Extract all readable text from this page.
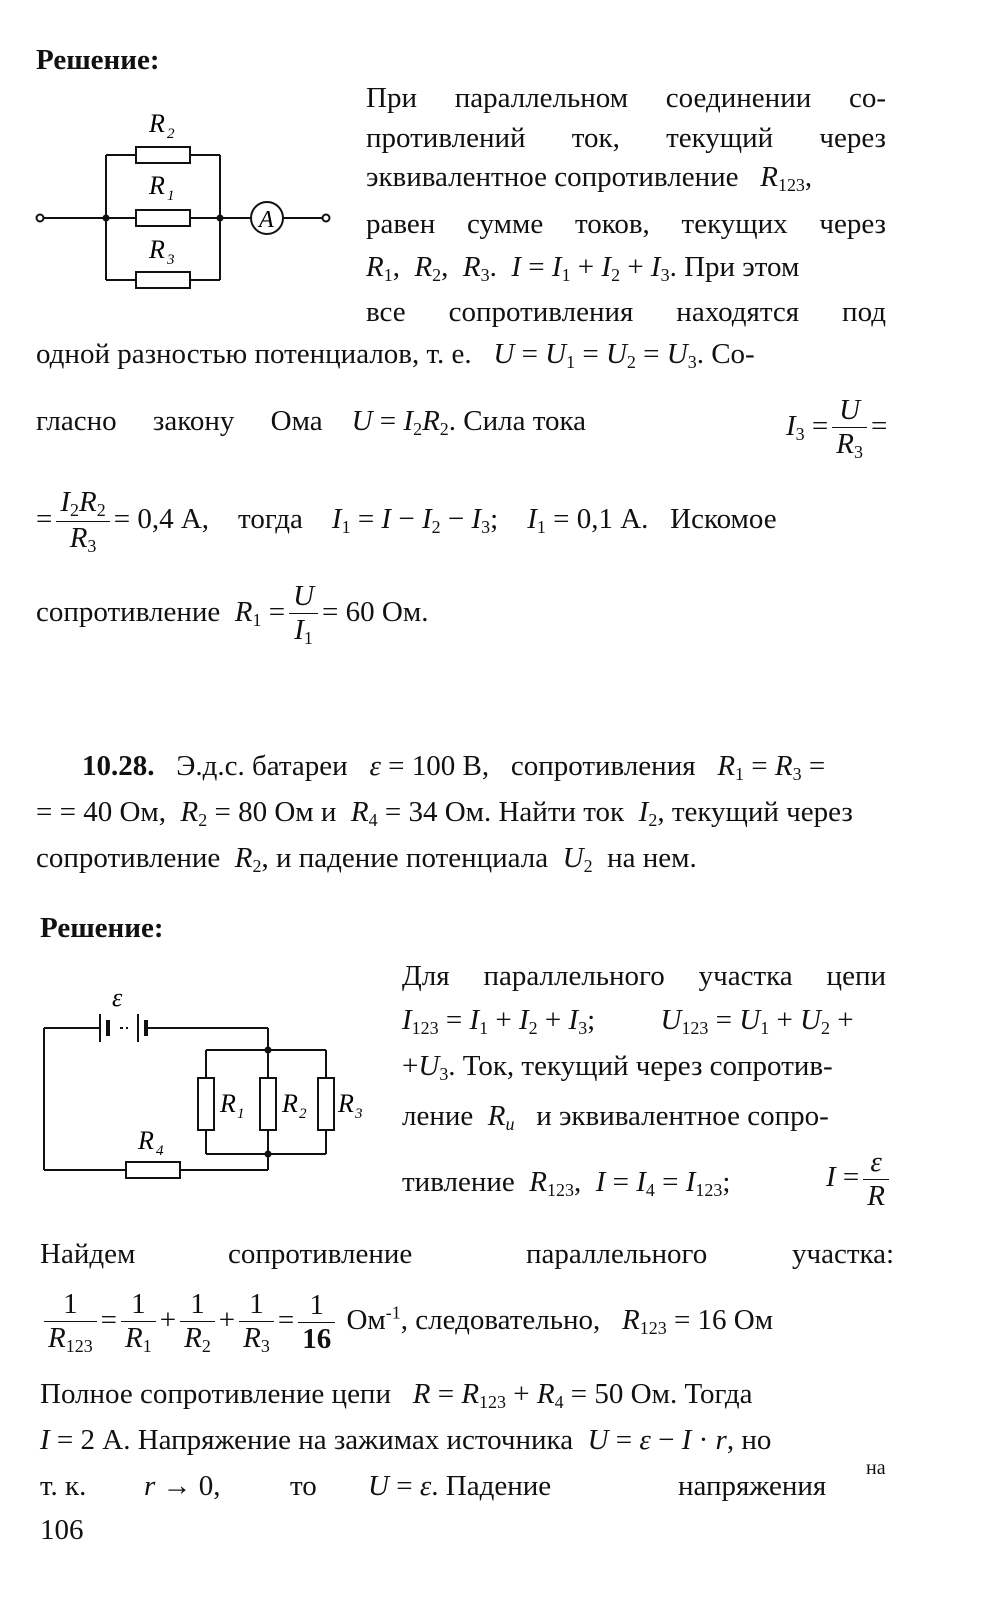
Решение:
R 2
R 1
R 3
A
При параллельном соединении со-
противлений ток, текущий через
эквивалентное сопротивление $R_{123}$,
равен сумме токов, текущих через
$R_1$,  $R_2$,  $R_3$.  $I = I_1 + I_2 + I_3$. При этом
все сопротивления находятся под
одной разностью потенциалов, т. е. $U = U_1 = U_2 = U_3$. Со-
гласно закону Ома $U = I_2R_2$. Сила тока	$I_3 = \frac{U}{R_3}$ =
= $\frac{I_2R_2}{R_3} = 0,4$ А, тогда $I_1 = I - I_2 - I_3$; $I_1 = 0,1$ А. Искомое
сопротивление $R_1 = \frac{U}{I_1} = 60$ Ом.
10.28. Э.д.с. батареи ε = 100 В, сопротивления $R_1 = R_3$ =
= = 40 Ом, $R_2 = 80$ Ом и $R_4 = 34$ Ом. Найти ток $I_2$, текущий через
сопротивление $R_2$, и падение потенциала $U_2$ на нем.
Решение:
ε
R 1 R 2 R 3
R 4
Для параллельного участка цепи
$I_{123} = I_1 + I_2 + I_3$;         $U_{123} = U_1 + U_2$ +
$+U_3$. Ток, текущий через сопротив-
ление $R_и$ и эквивалентное сопро-
тивление $R_{123}$,  $I = I_4 = I_{123}$;	$I = \frac{\varepsilon}{R}$
Найдем	сопротивление	параллельного	участка:
$\frac{1}{R_{123}} = \frac{1}{R_1} + \frac{1}{R_2} + \frac{1}{R_3} = \frac{1}{16} Ом^{-1}$, следовательно, $R_{123} = 16$ Ом
Полное сопротивление цепи $R = R_{123} + R_4 = 50$ Ом. Тогда
I = 2 А. Напряжение на зажимах источника U = ε − I · r, но
т. к. r → 0, то U = ε. Падение	напряжения
на
106
